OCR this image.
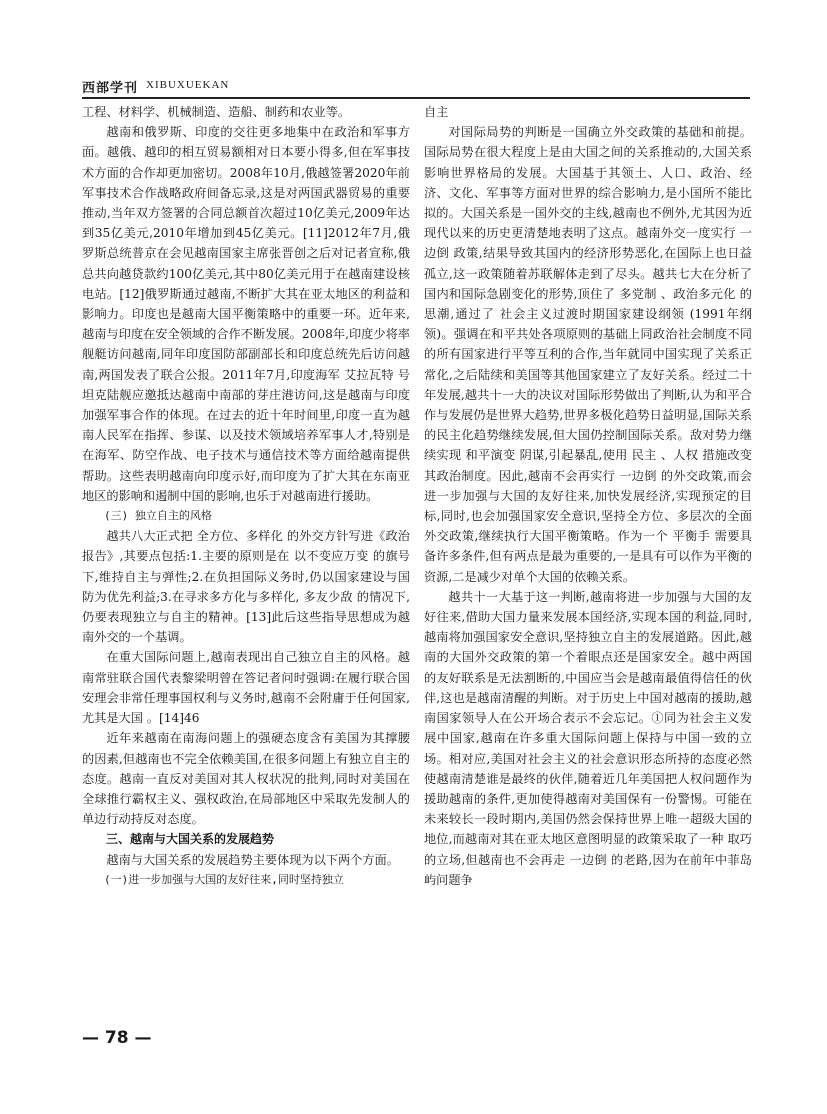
西部学刊 XIBUXUEKAN

工程、材料学、机械制造、造船、制药和农业等。

越南和俄罗斯、印度的交往更多地集中在政治和军事方面。越俄、越印的相互贸易额相对日本要小得多,但在军事技术方面的合作却更加密切。2008年10月,俄越签署2020年前军事技术合作战略政府间备忘录,这是对两国武器贸易的重要推动,当年双方签署的合同总额首次超过10亿美元,2009年达到35亿美元,2010年增加到45亿美元。[11]2012年7月,俄罗斯总统普京在会见越南国家主席张晋创之后对记者宣称,俄总共向越贷款约100亿美元,其中80亿美元用于在越南建设核电站。[12]俄罗斯通过越南,不断扩大其在亚太地区的利益和影响力。印度也是越南大国平衡策略中的重要一环。近年来,越南与印度在安全领域的合作不断发展。2008年,印度少将率舰艇访问越南,同年印度国防部副部长和印度总统先后访问越南,两国发表了联合公报。2011年7月,印度海军 艾拉瓦特 号坦克陆舰应邀抵达越南中南部的芽庄港访问,这是越南与印度加强军事合作的体现。在过去的近十年时间里,印度一直为越南人民军在指挥、参谋、以及技术领域培养军事人才,特别是在海军、防空作战、电子技术与通信技术等方面给越南提供帮助。这些表明越南向印度示好,而印度为了扩大其在东南亚地区的影响和遏制中国的影响,也乐于对越南进行援助。

(三) 独立自主的风格

越共八大正式把 全方位、多样化 的外交方针写进《政治报告》,其要点包括:1.主要的原则是在 以不变应万变 的旗号下,维持自主与弹性;2.在负担国际义务时,仍以国家建设与国防为优先利益;3.在寻求多方化与多样化, 多友少敌 的情况下,仍要表现独立与自主的精神。[13]此后这些指导思想成为越南外交的一个基调。

在重大国际问题上,越南表现出自己独立自主的风格。越南常驻联合国代表黎梁明曾在答记者问时强调:在履行联合国安理会非常任理事国权利与义务时,越南不会附庸于任何国家,尤其是大国 。[14]46

近年来越南在南海问题上的强硬态度含有美国为其撑腰的因素,但越南也不完全依赖美国,在很多问题上有独立自主的态度。越南一直反对美国对其人权状况的批判,同时对美国在全球推行霸权主义、强权政治,在局部地区中采取先发制人的单边行动持反对态度。

三、越南与大国关系的发展趋势

越南与大国关系的发展趋势主要体现为以下两个方面。

(一)进一步加强与大国的友好往来,同时坚持独立

自主

对国际局势的判断是一国确立外交政策的基础和前提。国际局势在很大程度上是由大国之间的关系推动的,大国关系影响世界格局的发展。大国基于其领土、人口、政治、经济、文化、军事等方面对世界的综合影响力,是小国所不能比拟的。大国关系是一国外交的主线,越南也不例外,尤其因为近现代以来的历史更清楚地表明了这点。越南外交一度实行 一边倒 政策,结果导致其国内的经济形势恶化,在国际上也日益孤立,这一政策随着苏联解体走到了尽头。越共七大在分析了国内和国际急剧变化的形势,顶住了 多党制 、政治多元化 的思潮,通过了 社会主义过渡时期国家建设纲领 (1991年纲领)。强调在和平共处各项原则的基础上同政治社会制度不同的所有国家进行平等互利的合作,当年就同中国实现了关系正常化,之后陆续和美国等其他国家建立了友好关系。经过二十年发展,越共十一大的决议对国际形势做出了判断,认为和平合作与发展仍是世界大趋势,世界多极化趋势日益明显,国际关系的民主化趋势继续发展,但大国仍控制国际关系。敌对势力继续实现 和平演变 阴谋,引起暴乱,使用 民主 、人权 措施改变其政治制度。因此,越南不会再实行 一边倒 的外交政策,而会进一步加强与大国的友好往来,加快发展经济,实现预定的目标,同时,也会加强国家安全意识,坚持全方位、多层次的全面外交政策,继续执行大国平衡策略。作为一个 平衡手 需要具备许多条件,但有两点是最为重要的,一是具有可以作为平衡的资源,二是减少对单个大国的依赖关系。

越共十一大基于这一判断,越南将进一步加强与大国的友好往来,借助大国力量来发展本国经济,实现本国的利益,同时,越南将加强国家安全意识,坚持独立自主的发展道路。因此,越南的大国外交政策的第一个着眼点还是国家安全。越中两国的友好联系是无法割断的,中国应当会是越南最值得信任的伙伴,这也是越南清醒的判断。对于历史上中国对越南的援助,越南国家领导人在公开场合表示不会忘记。①同为社会主义发展中国家,越南在许多重大国际问题上保持与中国一致的立场。相对应,美国对社会主义的社会意识形态所持的态度必然使越南清楚谁是最终的伙伴,随着近几年美国把人权问题作为援助越南的条件,更加使得越南对美国保有一份警惕。可能在未来较长一段时期内,美国仍然会保持世界上唯一超级大国的地位,而越南对其在亚太地区意图明显的政策采取了一种 取巧 的立场,但越南也不会再走 一边倒 的老路,因为在前年中菲岛屿问题争

— 78 —
